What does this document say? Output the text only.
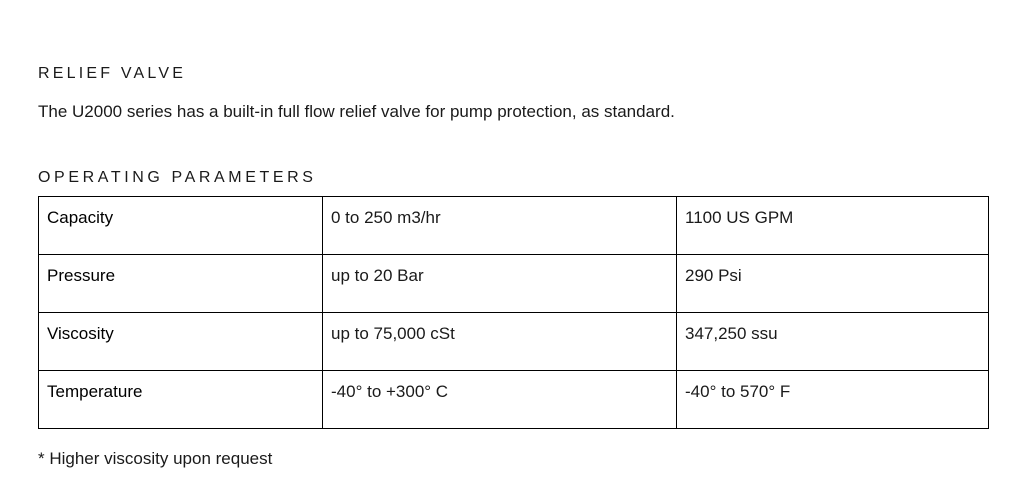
RELIEF VALVE

The U2000 series has a built-in full flow relief valve for pump protection, as standard.

OPERATING PARAMETERS
Capacity	0 to 250 m3/hr	1100 US GPM
Pressure	up to 20 Bar	290 Psi
Viscosity	up to 75,000 cSt	347,250 ssu
Temperature	-40° to +300° C	-40° to 570° F

* Higher viscosity upon request
